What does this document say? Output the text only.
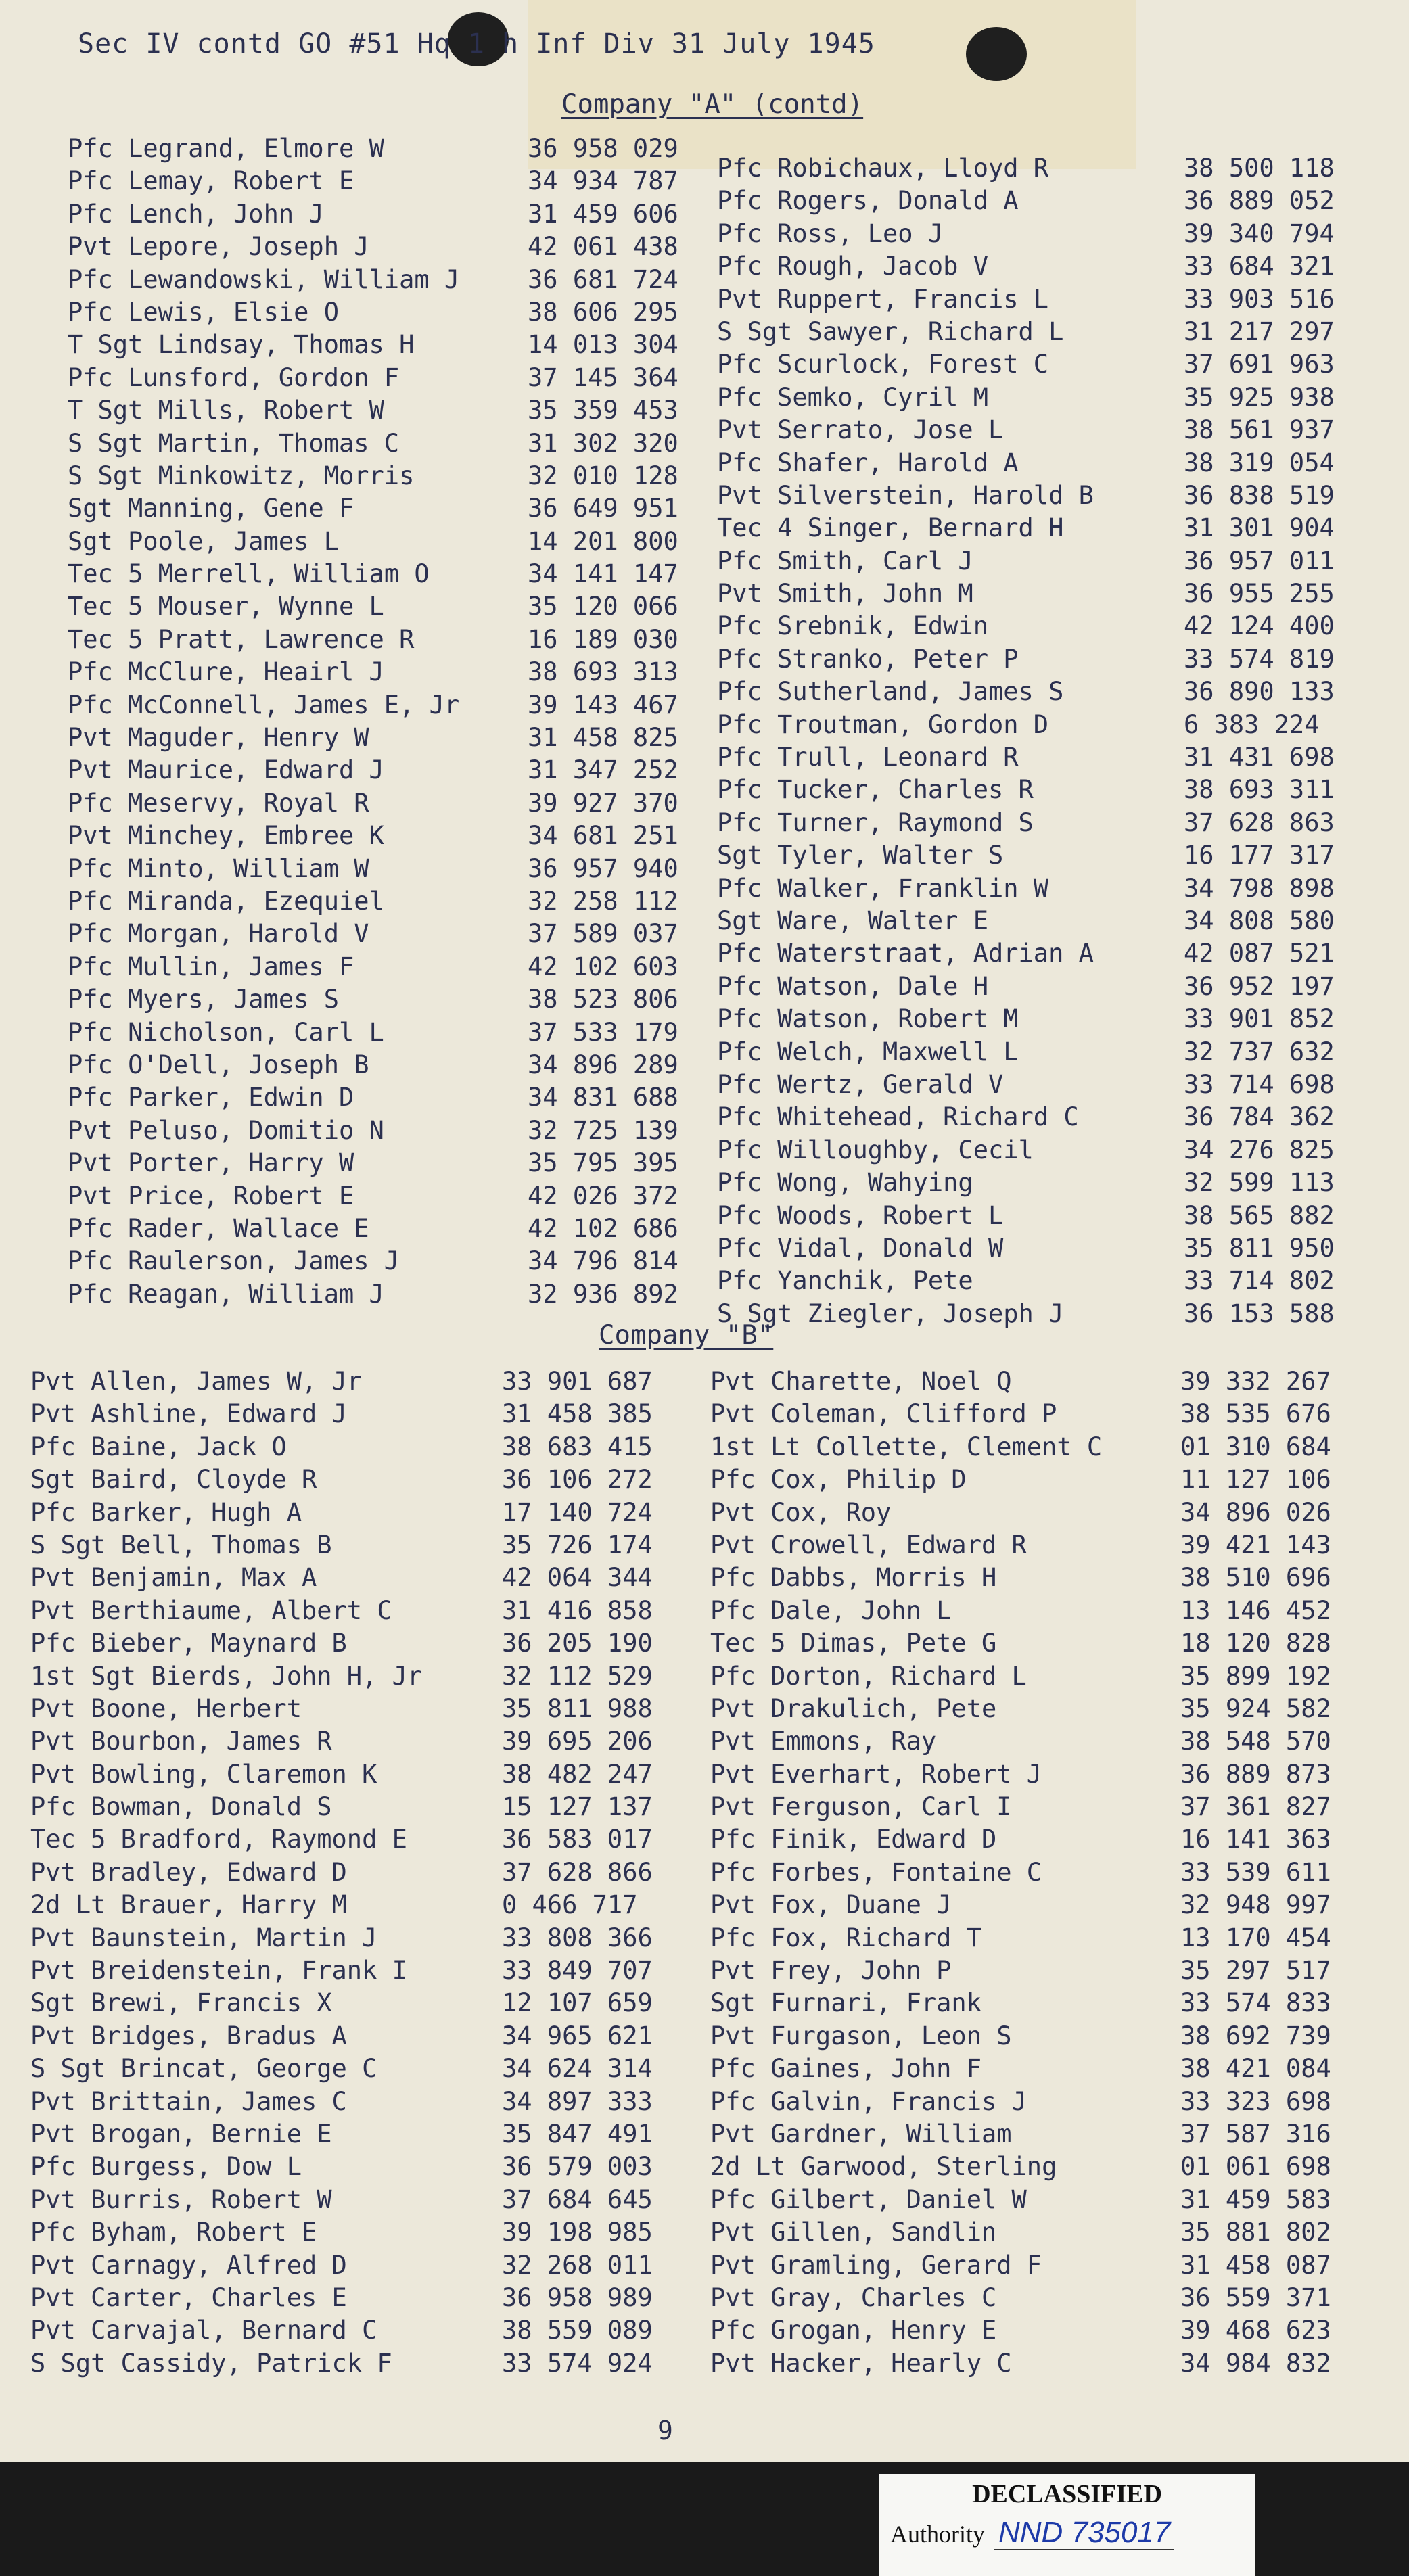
Sec IV contd GO #51 Hq 1 h Inf Div 31 July 1945
Company "A" (contd)
Pfc Legrand, Elmore W	36 958 029
Pfc Lemay, Robert E	34 934 787
Pfc Lench, John J	31 459 606
Pvt Lepore, Joseph J	42 061 438
Pfc Lewandowski, William J	36 681 724
Pfc Lewis, Elsie O	38 606 295
T Sgt Lindsay, Thomas H	14 013 304
Pfc Lunsford, Gordon F	37 145 364
T Sgt Mills, Robert W	35 359 453
S Sgt Martin, Thomas C	31 302 320
S Sgt Minkowitz, Morris	32 010 128
Sgt Manning, Gene F	36 649 951
Sgt Poole, James L	14 201 800
Tec 5 Merrell, William O	34 141 147
Tec 5 Mouser, Wynne L	35 120 066
Tec 5 Pratt, Lawrence R	16 189 030
Pfc McClure, Heairl J	38 693 313
Pfc McConnell, James E, Jr	39 143 467
Pvt Maguder, Henry W	31 458 825
Pvt Maurice, Edward J	31 347 252
Pfc Meservy, Royal R	39 927 370
Pvt Minchey, Embree K	34 681 251
Pfc Minto, William W	36 957 940
Pfc Miranda, Ezequiel	32 258 112
Pfc Morgan, Harold V	37 589 037
Pfc Mullin, James F	42 102 603
Pfc Myers, James S	38 523 806
Pfc Nicholson, Carl L	37 533 179
Pfc O'Dell, Joseph B	34 896 289
Pfc Parker, Edwin D	34 831 688
Pvt Peluso, Domitio N	32 725 139
Pvt Porter, Harry W	35 795 395
Pvt Price, Robert E	42 026 372
Pfc Rader, Wallace E	42 102 686
Pfc Raulerson, James J	34 796 814
Pfc Reagan, William J	32 936 892
Pfc Robichaux, Lloyd R	38 500 118
Pfc Rogers, Donald A	36 889 052
Pfc Ross, Leo J	39 340 794
Pfc Rough, Jacob V	33 684 321
Pvt Ruppert, Francis L	33 903 516
S Sgt Sawyer, Richard L	31 217 297
Pfc Scurlock, Forest C	37 691 963
Pfc Semko, Cyril M	35 925 938
Pvt Serrato, Jose L	38 561 937
Pfc Shafer, Harold A	38 319 054
Pvt Silverstein, Harold B	36 838 519
Tec 4 Singer, Bernard H	31 301 904
Pfc Smith, Carl J	36 957 011
Pvt Smith, John M	36 955 255
Pfc Srebnik, Edwin	42 124 400
Pfc Stranko, Peter P	33 574 819
Pfc Sutherland, James S	36 890 133
Pfc Troutman, Gordon D	6 383 224
Pfc Trull, Leonard R	31 431 698
Pfc Tucker, Charles R	38 693 311
Pfc Turner, Raymond S	37 628 863
Sgt Tyler, Walter S	16 177 317
Pfc Walker, Franklin W	34 798 898
Sgt Ware, Walter E	34 808 580
Pfc Waterstraat, Adrian A	42 087 521
Pfc Watson, Dale H	36 952 197
Pfc Watson, Robert M	33 901 852
Pfc Welch, Maxwell L	32 737 632
Pfc Wertz, Gerald V	33 714 698
Pfc Whitehead, Richard C	36 784 362
Pfc Willoughby, Cecil	34 276 825
Pfc Wong, Wahying	32 599 113
Pfc Woods, Robert L	38 565 882
Pfc Vidal, Donald W	35 811 950
Pfc Yanchik, Pete	33 714 802
S Sgt Ziegler, Joseph J	36 153 588
Company "B"
Pvt Allen, James W, Jr	33 901 687
Pvt Ashline, Edward J	31 458 385
Pfc Baine, Jack O	38 683 415
Sgt Baird, Cloyde R	36 106 272
Pfc Barker, Hugh A	17 140 724
S Sgt Bell, Thomas B	35 726 174
Pvt Benjamin, Max A	42 064 344
Pvt Berthiaume, Albert C	31 416 858
Pfc Bieber, Maynard B	36 205 190
1st Sgt Bierds, John H, Jr	32 112 529
Pvt Boone, Herbert	35 811 988
Pvt Bourbon, James R	39 695 206
Pvt Bowling, Claremon K	38 482 247
Pfc Bowman, Donald S	15 127 137
Tec 5 Bradford, Raymond E	36 583 017
Pvt Bradley, Edward D	37 628 866
2d Lt Brauer, Harry M	0 466 717
Pvt Baunstein, Martin J	33 808 366
Pvt Breidenstein, Frank I	33 849 707
Sgt Brewi, Francis X	12 107 659
Pvt Bridges, Bradus A	34 965 621
S Sgt Brincat, George C	34 624 314
Pvt Brittain, James C	34 897 333
Pvt Brogan, Bernie E	35 847 491
Pfc Burgess, Dow L	36 579 003
Pvt Burris, Robert W	37 684 645
Pfc Byham, Robert E	39 198 985
Pvt Carnagy, Alfred D	32 268 011
Pvt Carter, Charles E	36 958 989
Pvt Carvajal, Bernard C	38 559 089
S Sgt Cassidy, Patrick F	33 574 924
Pvt Charette, Noel Q	39 332 267
Pvt Coleman, Clifford P	38 535 676
1st Lt Collette, Clement C	01 310 684
Pfc Cox, Philip D	11 127 106
Pvt Cox, Roy	34 896 026
Pvt Crowell, Edward R	39 421 143
Pfc Dabbs, Morris H	38 510 696
Pfc Dale, John L	13 146 452
Tec 5 Dimas, Pete G	18 120 828
Pfc Dorton, Richard L	35 899 192
Pvt Drakulich, Pete	35 924 582
Pvt Emmons, Ray	38 548 570
Pvt Everhart, Robert J	36 889 873
Pvt Ferguson, Carl I	37 361 827
Pfc Finik, Edward D	16 141 363
Pfc Forbes, Fontaine C	33 539 611
Pvt Fox, Duane J	32 948 997
Pfc Fox, Richard T	13 170 454
Pvt Frey, John P	35 297 517
Sgt Furnari, Frank	33 574 833
Pvt Furgason, Leon S	38 692 739
Pfc Gaines, John F	38 421 084
Pfc Galvin, Francis J	33 323 698
Pvt Gardner, William	37 587 316
2d Lt Garwood, Sterling	01 061 698
Pfc Gilbert, Daniel W	31 459 583
Pvt Gillen, Sandlin	35 881 802
Pvt Gramling, Gerard F	31 458 087
Pvt Gray, Charles C	36 559 371
Pfc Grogan, Henry E	39 468 623
Pvt Hacker, Hearly C	34 984 832
9
DECLASSIFIED
Authority NND 735017
